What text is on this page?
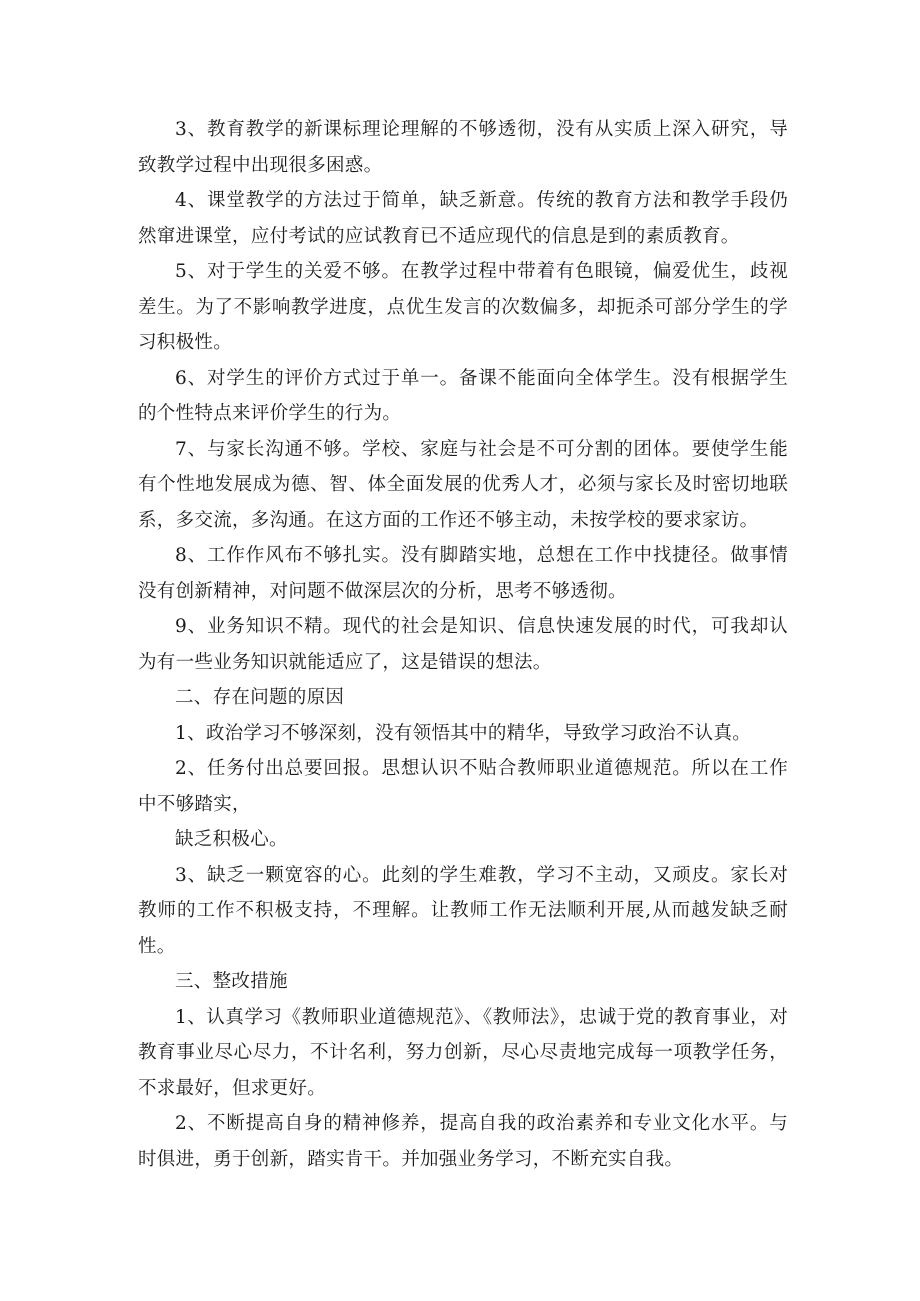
3、教育教学的新课标理论理解的不够透彻，没有从实质上深入研究，导致教学过程中出现很多困惑。

4、课堂教学的方法过于简单，缺乏新意。传统的教育方法和教学手段仍然窜进课堂，应付考试的应试教育已不适应现代的信息是到的素质教育。

5、对于学生的关爱不够。在教学过程中带着有色眼镜，偏爱优生，歧视差生。为了不影响教学进度，点优生发言的次数偏多，却扼杀可部分学生的学习积极性。

6、对学生的评价方式过于单一。备课不能面向全体学生。没有根据学生的个性特点来评价学生的行为。

7、与家长沟通不够。学校、家庭与社会是不可分割的团体。要使学生能有个性地发展成为德、智、体全面发展的优秀人才，必须与家长及时密切地联系，多交流，多沟通。在这方面的工作还不够主动，未按学校的要求家访。

8、工作作风布不够扎实。没有脚踏实地，总想在工作中找捷径。做事情没有创新精神，对问题不做深层次的分析，思考不够透彻。

9、业务知识不精。现代的社会是知识、信息快速发展的时代，可我却认为有一些业务知识就能适应了，这是错误的想法。

二、存在问题的原因

1、政治学习不够深刻，没有领悟其中的精华，导致学习政治不认真。

2、任务付出总要回报。思想认识不贴合教师职业道德规范。所以在工作中不够踏实，

缺乏积极心。

3、缺乏一颗宽容的心。此刻的学生难教，学习不主动，又顽皮。家长对教师的工作不积极支持，不理解。让教师工作无法顺利开展,从而越发缺乏耐性。

三、整改措施

1、认真学习《教师职业道德规范》、《教师法》，忠诚于党的教育事业，对教育事业尽心尽力，不计名利，努力创新，尽心尽责地完成每一项教学任务，不求最好，但求更好。

2、不断提高自身的精神修养，提高自我的政治素养和专业文化水平。与时俱进，勇于创新，踏实肯干。并加强业务学习，不断充实自我。
